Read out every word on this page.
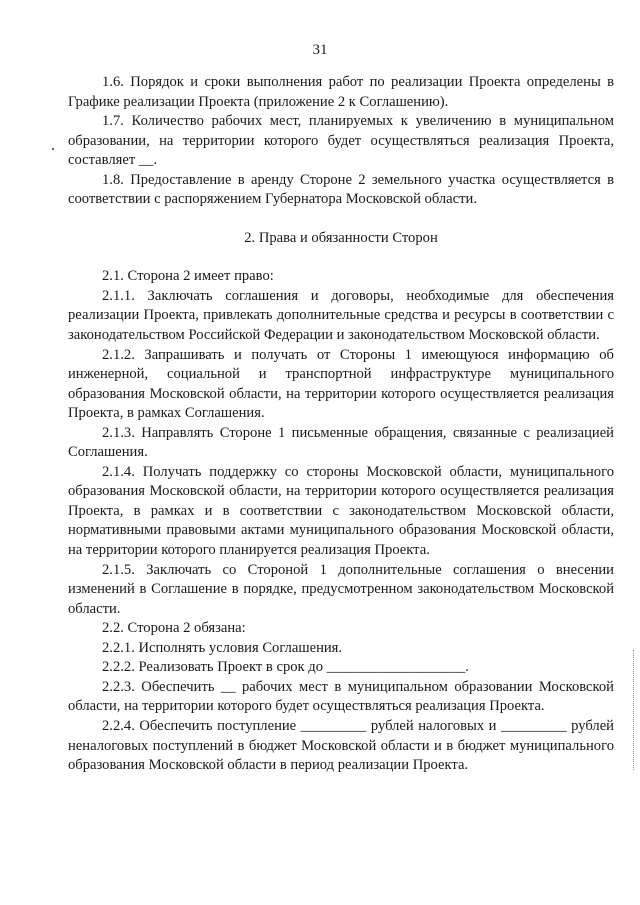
31

1.6. Порядок и сроки выполнения работ по реализации Проекта определены в Графике реализации Проекта (приложение 2 к Соглашению).

1.7. Количество рабочих мест, планируемых к увеличению в муниципальном образовании, на территории которого будет осуществляться реализация Проекта, составляет __.

1.8. Предоставление в аренду Стороне 2 земельного участка осуществляется в соответствии с распоряжением Губернатора Московской области.

2. Права и обязанности Сторон

2.1. Сторона 2 имеет право:

2.1.1. Заключать соглашения и договоры, необходимые для обеспечения реализации Проекта, привлекать дополнительные средства и ресурсы в соответствии с законодательством Российской Федерации и законодательством Московской области.

2.1.2. Запрашивать и получать от Стороны 1 имеющуюся информацию об инженерной, социальной и транспортной инфраструктуре муниципального образования Московской области, на территории которого осуществляется реализация Проекта, в рамках Соглашения.

2.1.3. Направлять Стороне 1 письменные обращения, связанные с реализацией Соглашения.

2.1.4. Получать поддержку со стороны Московской области, муниципального образования Московской области, на территории которого осуществляется реализация Проекта, в рамках и в соответствии с законодательством Московской области, нормативными правовыми актами муниципального образования Московской области, на территории которого планируется реализация Проекта.

2.1.5. Заключать со Стороной 1 дополнительные соглашения о внесении изменений в Соглашение в порядке, предусмотренном законодательством Московской области.

2.2. Сторона 2 обязана:

2.2.1. Исполнять условия Соглашения.

2.2.2. Реализовать Проект в срок до ___________________.

2.2.3. Обеспечить __ рабочих мест в муниципальном образовании Московской области, на территории которого будет осуществляться реализация Проекта.

2.2.4. Обеспечить поступление _________ рублей налоговых и _________ рублей неналоговых поступлений в бюджет Московской области и в бюджет муниципального образования Московской области в период реализации Проекта.
